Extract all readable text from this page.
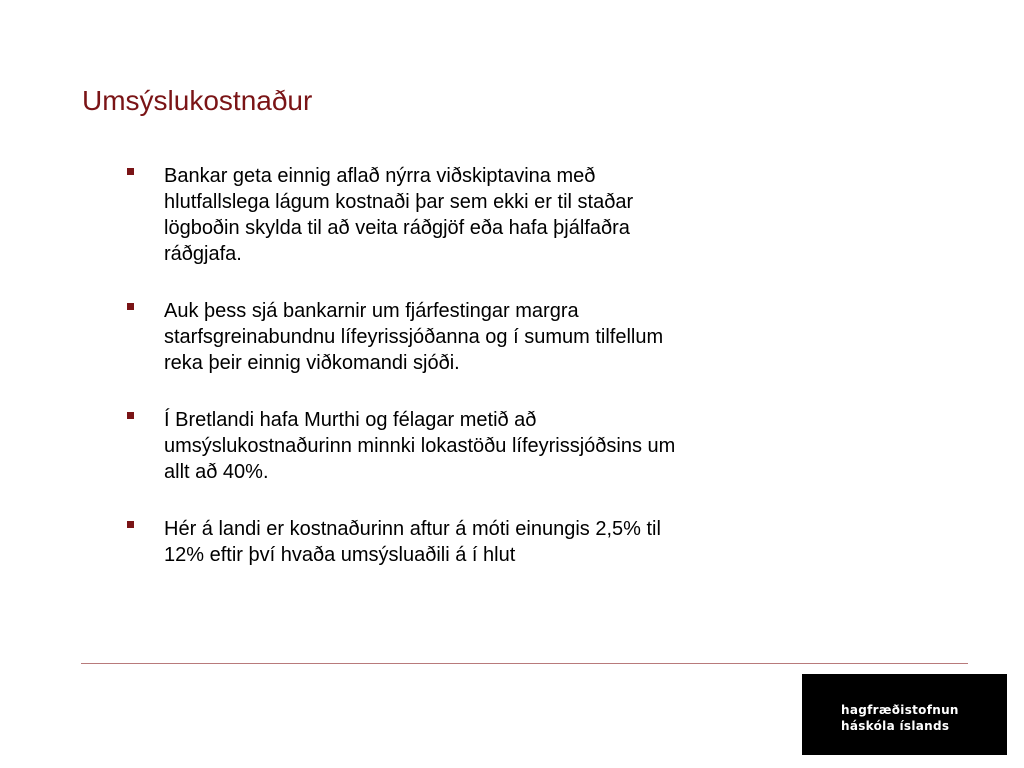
Umsýslukostnaður
Bankar geta einnig aflað nýrra viðskiptavina með
hlutfallslega lágum kostnaði þar sem ekki er til staðar
lögboðin skylda til að veita ráðgjöf eða hafa þjálfaðra
ráðgjafa.
Auk þess sjá bankarnir um fjárfestingar margra
starfsgreinabundnu lífeyrissjóðanna og í sumum tilfellum
reka þeir einnig viðkomandi sjóði.
Í Bretlandi hafa Murthi og félagar metið að
umsýslukostnaðurinn minnki lokastöðu lífeyrissjóðsins um
allt að 40%.
Hér á landi er kostnaðurinn aftur á móti einungis 2,5% til
12% eftir því hvaða umsýsluaðili á í hlut
hagfræðistofnun
háskóla íslands
